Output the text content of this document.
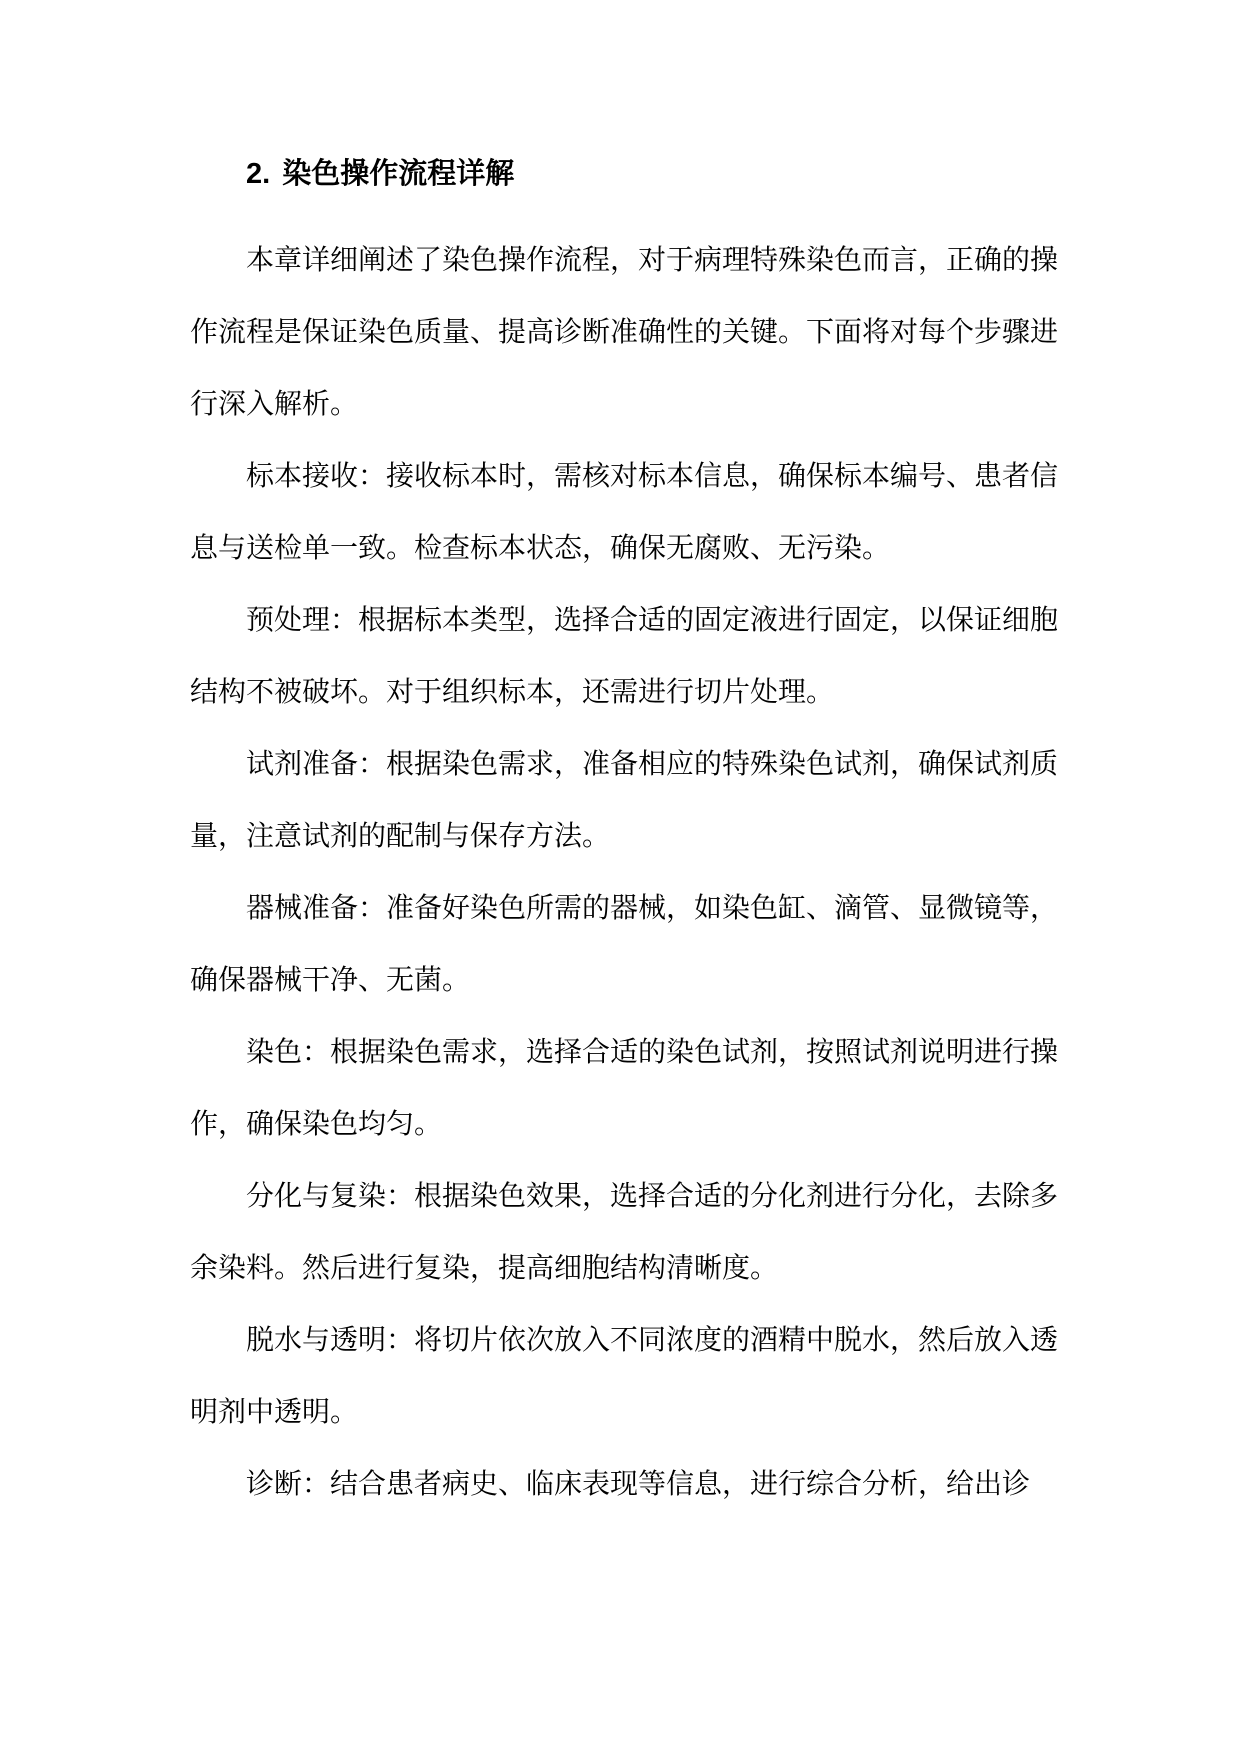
2. 染色操作流程详解

本章详细阐述了染色操作流程，对于病理特殊染色而言，正确的操作流程是保证染色质量、提高诊断准确性的关键。下面将对每个步骤进行深入解析。

标本接收：接收标本时，需核对标本信息，确保标本编号、患者信息与送检单一致。检查标本状态，确保无腐败、无污染。

预处理：根据标本类型，选择合适的固定液进行固定，以保证细胞结构不被破坏。对于组织标本，还需进行切片处理。

试剂准备：根据染色需求，准备相应的特殊染色试剂，确保试剂质量，注意试剂的配制与保存方法。

器械准备：准备好染色所需的器械，如染色缸、滴管、显微镜等，确保器械干净、无菌。

染色：根据染色需求，选择合适的染色试剂，按照试剂说明进行操作，确保染色均匀。

分化与复染：根据染色效果，选择合适的分化剂进行分化，去除多余染料。然后进行复染，提高细胞结构清晰度。

脱水与透明：将切片依次放入不同浓度的酒精中脱水，然后放入透明剂中透明。

诊断：结合患者病史、临床表现等信息，进行综合分析，给出诊
